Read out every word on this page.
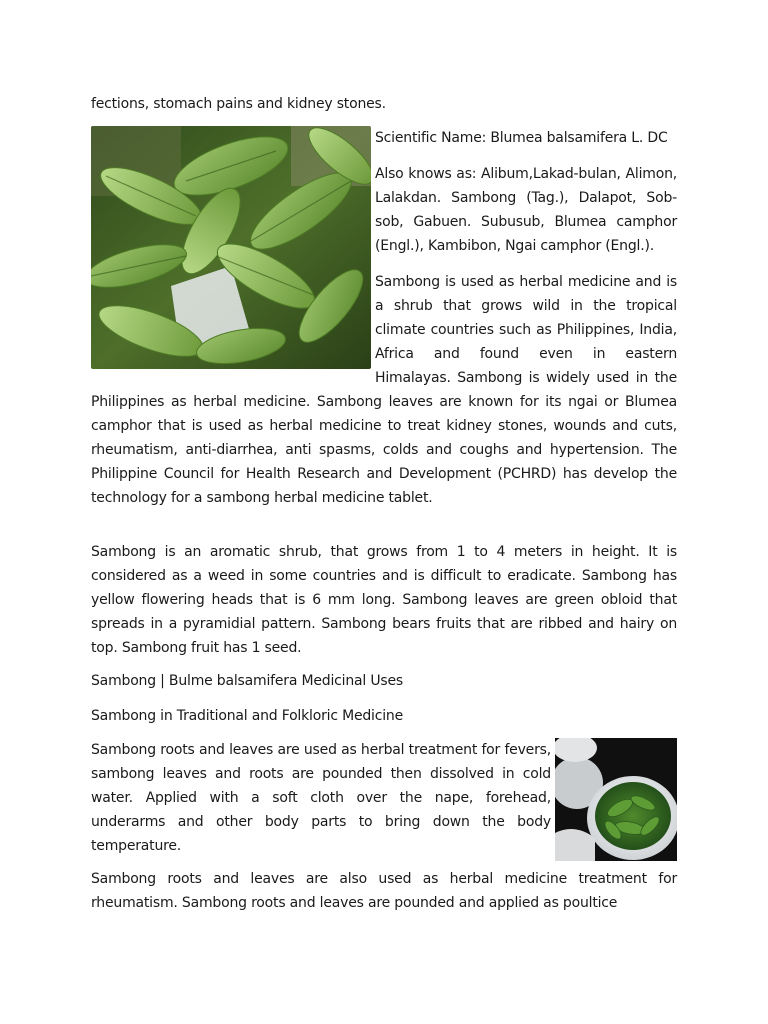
fections, stomach pains and kidney stones.

Scientific Name: Blumea balsamifera L. DC

Also knows as: Alibum,Lakad-bulan, Alimon, Lalakdan. Sambong (Tag.), Dalapot, Sob-sob, Gabuen. Subusub, Blumea camphor (Engl.), Kambibon, Ngai camphor (Engl.).

Sambong is used as herbal medicine and is a shrub that grows wild in the tropical climate countries such as Philippines, India, Africa and found even in eastern Himalayas. Sambong is widely used in the Philippines as herbal medicine. Sambong leaves are known for its ngai or Blumea camphor that is used as herbal medicine to treat kidney stones, wounds and cuts, rheumatism, anti-diarrhea, anti spasms, colds and coughs and hypertension. The Philippine Council for Health Research and Development (PCHRD) has develop the technology for a sambong herbal medicine tablet.

Sambong is an aromatic shrub, that grows from 1 to 4 meters in height. It is considered as a weed in some countries and is difficult to eradicate. Sambong has yellow flowering heads that is 6 mm long. Sambong leaves are green obloid that spreads in a pyramidial pattern. Sambong bears fruits that are ribbed and hairy on top. Sambong fruit has 1 seed.

Sambong | Bulme balsamifera Medicinal Uses

Sambong in Traditional and Folkloric Medicine

Sambong roots and leaves are used as herbal treatment for fevers, sambong leaves and roots are pounded then dissolved in cold water. Applied with a soft cloth over the nape, forehead, underarms and other body parts to bring down the body temperature.

Sambong roots and leaves are also used as herbal medicine treatment for rheumatism. Sambong roots and leaves are pounded and applied as poultice
